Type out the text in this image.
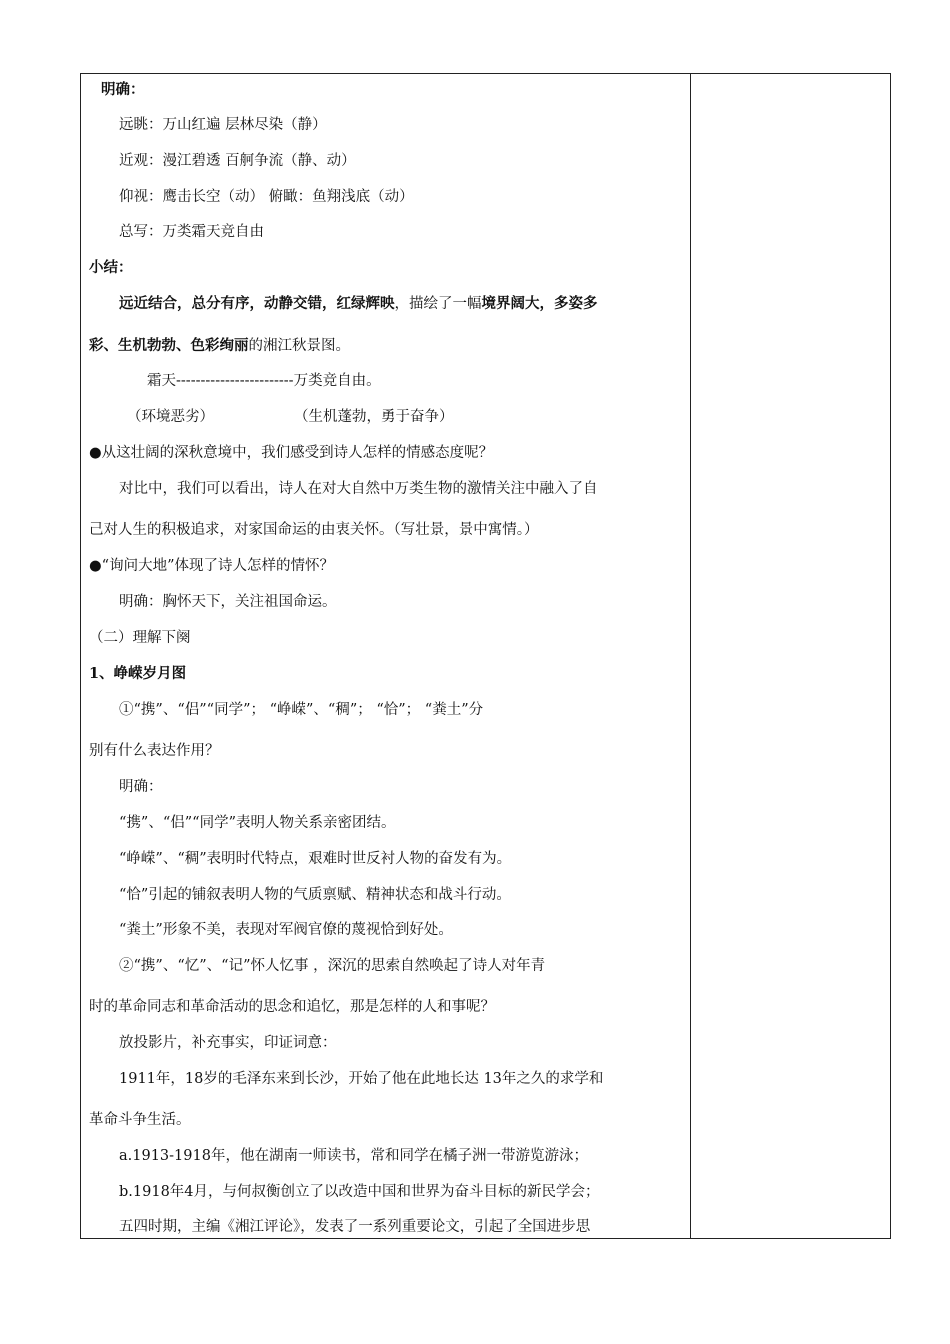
明确：
远眺：万山红遍 层林尽染（静）
近观：漫江碧透 百舸争流（静、动）
仰视：鹰击长空（动） 俯瞰：鱼翔浅底（动）
总写：万类霜天竞自由
小结：
远近结合，总分有序，动静交错，红绿辉映，描绘了一幅境界阔大，多姿多
彩、生机勃勃、色彩绚丽的湘江秋景图。
霜天------------------------万类竞自由。
（环境恶劣）	（生机蓬勃，勇于奋争）
●从这壮阔的深秋意境中，我们感受到诗人怎样的情感态度呢？
对比中，我们可以看出，诗人在对大自然中万类生物的激情关注中融入了自
己对人生的积极追求，对家国命运的由衷关怀。（写壮景，景中寓情。）
●“询问大地”体现了诗人怎样的情怀？
明确：胸怀天下，关注祖国命运。
（二）理解下阕
1、峥嵘岁月图
①“携”、“侣”“同学”； “峥嵘”、“稠”； “恰”； “粪土”分
别有什么表达作用？
明确：
“携”、“侣”“同学”表明人物关系亲密团结。
“峥嵘”、“稠”表明时代特点，艰难时世反衬人物的奋发有为。
“恰”引起的铺叙表明人物的气质禀赋、精神状态和战斗行动。
“粪土”形象不美，表现对军阀官僚的蔑视恰到好处。
②“携”、“忆”、“记”怀人忆事 ，深沉的思索自然唤起了诗人对年青
时的革命同志和革命活动的思念和追忆，那是怎样的人和事呢？
放投影片，补充事实，印证词意：
1911年，18岁的毛泽东来到长沙，开始了他在此地长达 13年之久的求学和
革命斗争生活。
a.1913-1918年，他在湖南一师读书，常和同学在橘子洲一带游览游泳；
b.1918年4月，与何叔衡创立了以改造中国和世界为奋斗目标的新民学会；
五四时期，主编《湘江评论》，发表了一系列重要论文，引起了全国进步思
